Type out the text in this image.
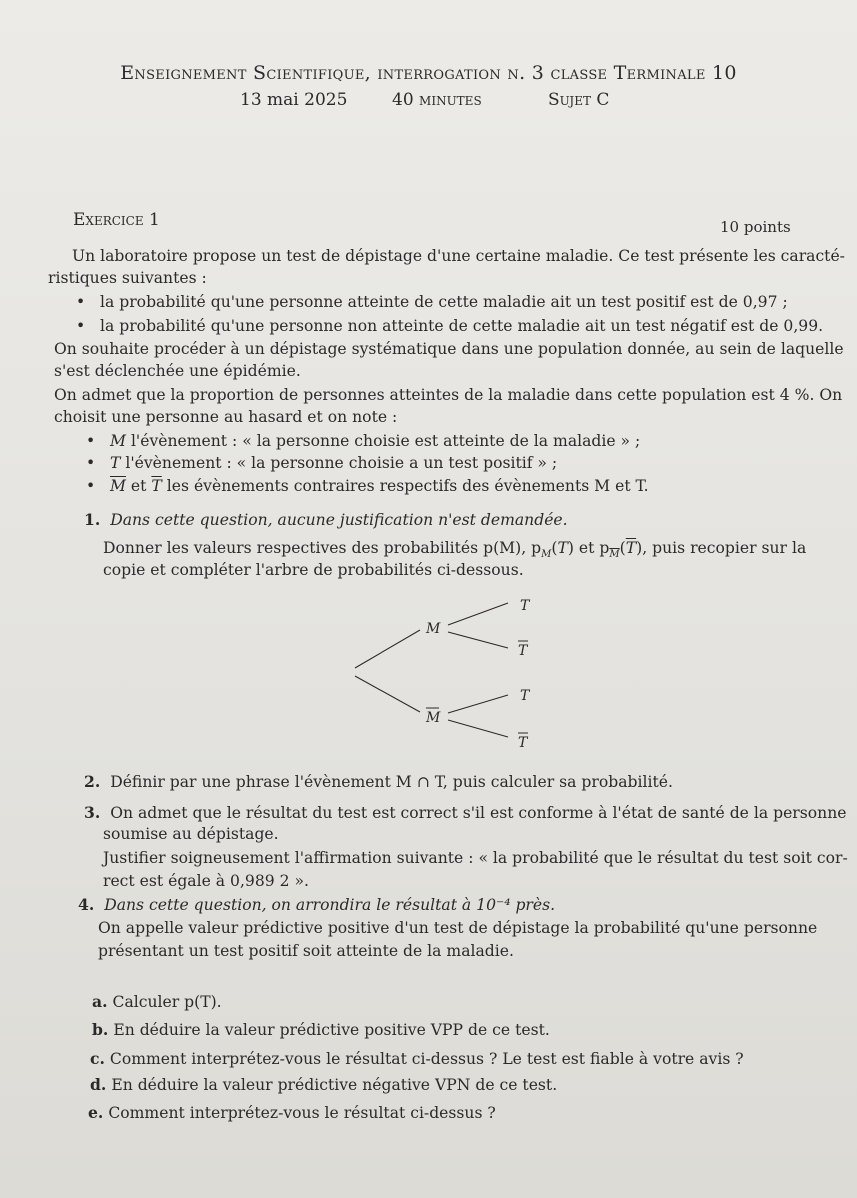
Enseignement Scientifique, interrogation n. 3 classe Terminale 10
13 mai 2025	40 minutes	Sujet C
Exercice 1	10 points

Un laboratoire propose un test de dépistage d'une certaine maladie. Ce test présente les caracté-

ristiques suivantes :

• la probabilité qu'une personne atteinte de cette maladie ait un test positif est de 0,97 ;

• la probabilité qu'une personne non atteinte de cette maladie ait un test négatif est de 0,99.

On souhaite procéder à un dépistage systématique dans une population donnée, au sein de laquelle

s'est déclenchée une épidémie.

On admet que la proportion de personnes atteintes de la maladie dans cette population est 4 %. On

choisit une personne au hasard et on note :

• M l'évènement : « la personne choisie est atteinte de la maladie » ;

• T l'évènement : « la personne choisie a un test positif » ;

• $\overline{M}$ et $\overline{T}$ les évènements contraires respectifs des évènements M et T.

1. Dans cette question, aucune justification n'est demandée.

Donner les valeurs respectives des probabilités p(M), $p_M(T)$ et $p_{\overline{M}}(\overline{T})$, puis recopier sur la

copie et compléter l'arbre de probabilités ci-dessous.

M
M
T
T
T
T

2. Définir par une phrase l'évènement M ∩ T, puis calculer sa probabilité.

3. On admet que le résultat du test est correct s'il est conforme à l'état de santé de la personne

soumise au dépistage.

Justifier soigneusement l'affirmation suivante : « la probabilité que le résultat du test soit cor-

rect est égale à 0,989 2 ».

4. Dans cette question, on arrondira le résultat à 10⁻⁴ près.

On appelle valeur prédictive positive d'un test de dépistage la probabilité qu'une personne

présentant un test positif soit atteinte de la maladie.

a. Calculer p(T).

b. En déduire la valeur prédictive positive VPP de ce test.

c. Comment interprétez-vous le résultat ci-dessus ? Le test est fiable à votre avis ?

d. En déduire la valeur prédictive négative VPN de ce test.

e. Comment interprétez-vous le résultat ci-dessus ?
